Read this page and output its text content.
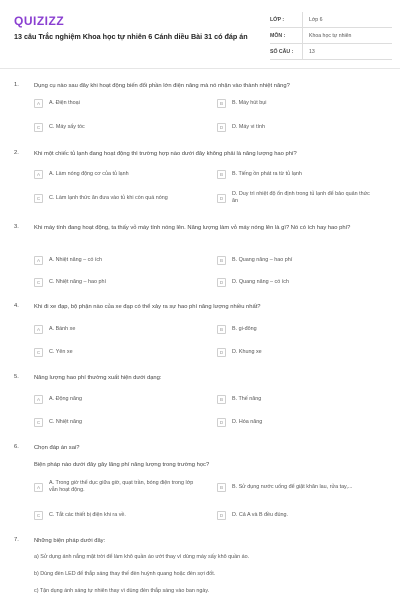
QUIZIZZ
13 câu Trắc nghiệm Khoa học tự nhiên 6 Cánh diều Bài 31 có đáp án
LỚP :	Lớp 6
MÔN :	Khoa học tự nhiên
SỐ CÂU :	13
1.	Dụng cụ nào sau đây khi hoạt động biến đổi phần lớn điện năng mà nó nhận vào thành nhiệt năng?
A	A. Điện thoại	B	B. Máy hút bụi
C	C. Máy sấy tóc	D	D. Máy vi tính
2.	Khi một chiếc tủ lạnh đang hoạt động thì trường hợp nào dưới đây không phải là năng lượng hao phí?
A	A. Làm nóng động cơ của tủ lạnh	B	B. Tiếng ồn phát ra từ tủ lạnh
C	C. Làm lạnh thức ăn đưa vào tủ khi còn quá nóng	D
D. Duy trì nhiệt độ ổn định trong tủ lạnh để bảo quản thức ăn
3.	Khi máy tính đang hoạt động, ta thấy vỏ máy tính nóng lên. Năng lượng làm vỏ máy nóng lên là gì? Nó có ích hay hao phí?
A	A. Nhiệt năng – có ích	B	B. Quang năng – hao phí
C	C. Nhiệt năng – hao phí	D	D. Quang năng – có ích
4.	Khi đi xe đạp, bộ phận nào của xe đạp có thể xảy ra sự hao phí năng lượng nhiều nhất?
A	A. Bánh xe	B	B. gi-đông
C	C. Yên xe	D	D. Khung xe
5.	Năng lượng hao phí thường xuất hiện dưới dạng:
A	A. Động năng	B	B. Thế năng
C	C. Nhiệt năng	D	D. Hóa năng
6.	Chọn đáp án sai?
Biện pháp nào dưới đây gây lãng phí năng lượng trong trường học?
A
A. Trong giờ thể dục giữa giờ, quạt trần, bóng điện trong lớp vẫn hoạt động.	B	B. Sử dụng nước uống để giặt khăn lau, rửa tay,...
C	C. Tắt các thiết bị điện khi ra về.	D	D. Cả A và B đều đúng.
7.	Những biện pháp dưới đây:
a) Sử dụng ánh nắng mặt trời để làm khô quần áo ướt thay vì dùng máy sấy khô quần áo.
b) Dùng đèn LED để thắp sáng thay thế đèn huỳnh quang hoặc đèn sợi đốt.
c) Tận dụng ánh sáng tự nhiên thay vì dùng đèn thắp sáng vào ban ngày.
